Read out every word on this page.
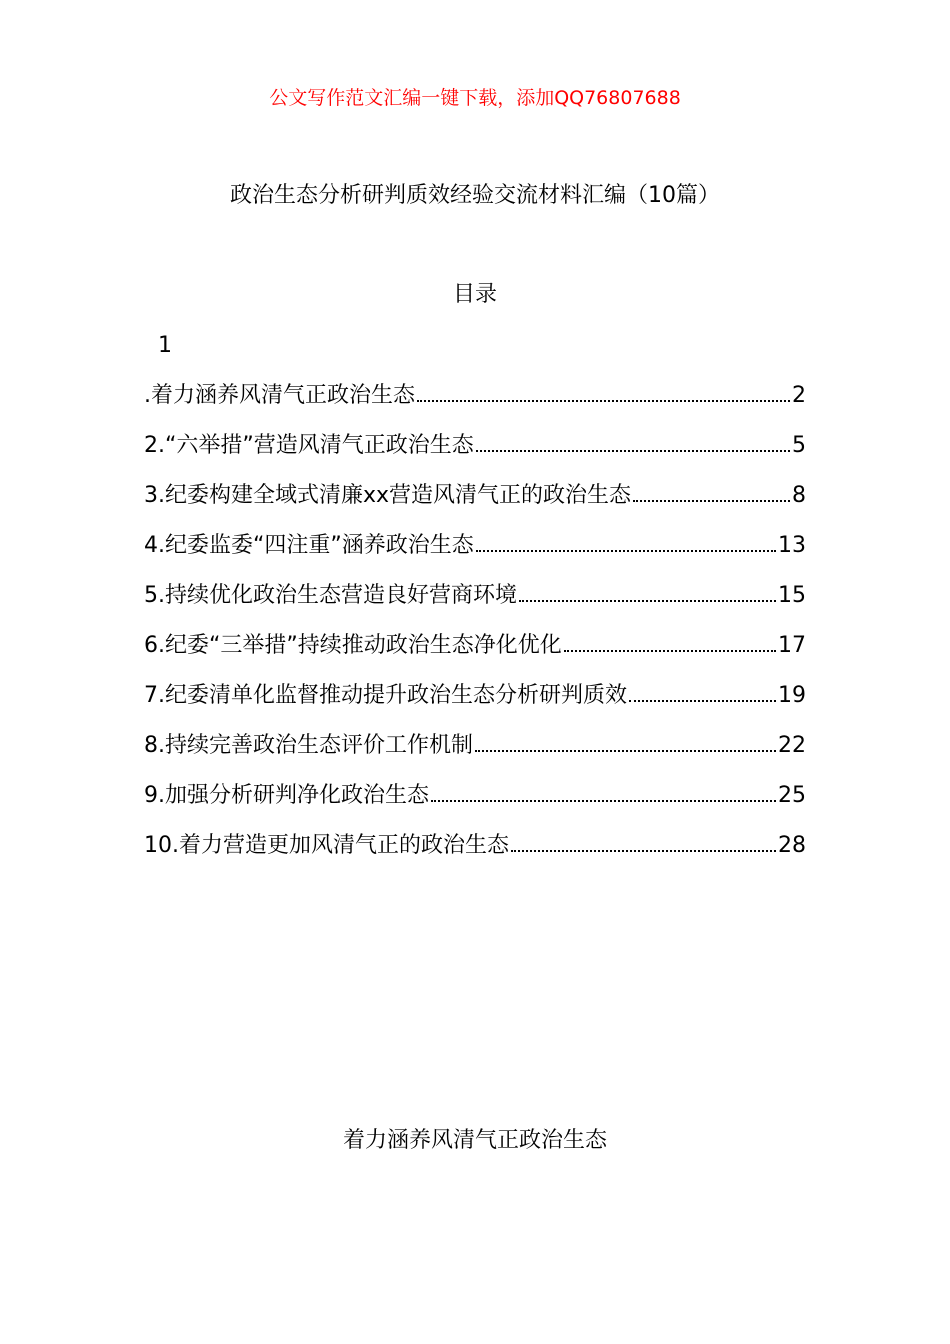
公文写作范文汇编一键下载，添加QQ76807688
政治生态分析研判质效经验交流材料汇编（10篇）
目录
1
.着力涵养风清气正政治生态	2
2.“六举措”营造风清气正政治生态	5
3.纪委构建全域式清廉xx营造风清气正的政治生态	8
4.纪委监委“四注重”涵养政治生态	13
5.持续优化政治生态营造良好营商环境	15
6.纪委“三举措”持续推动政治生态净化优化	17
7.纪委清单化监督推动提升政治生态分析研判质效	19
8.持续完善政治生态评价工作机制	22
9.加强分析研判净化政治生态	25
10.着力营造更加风清气正的政治生态	28
着力涵养风清气正政治生态
